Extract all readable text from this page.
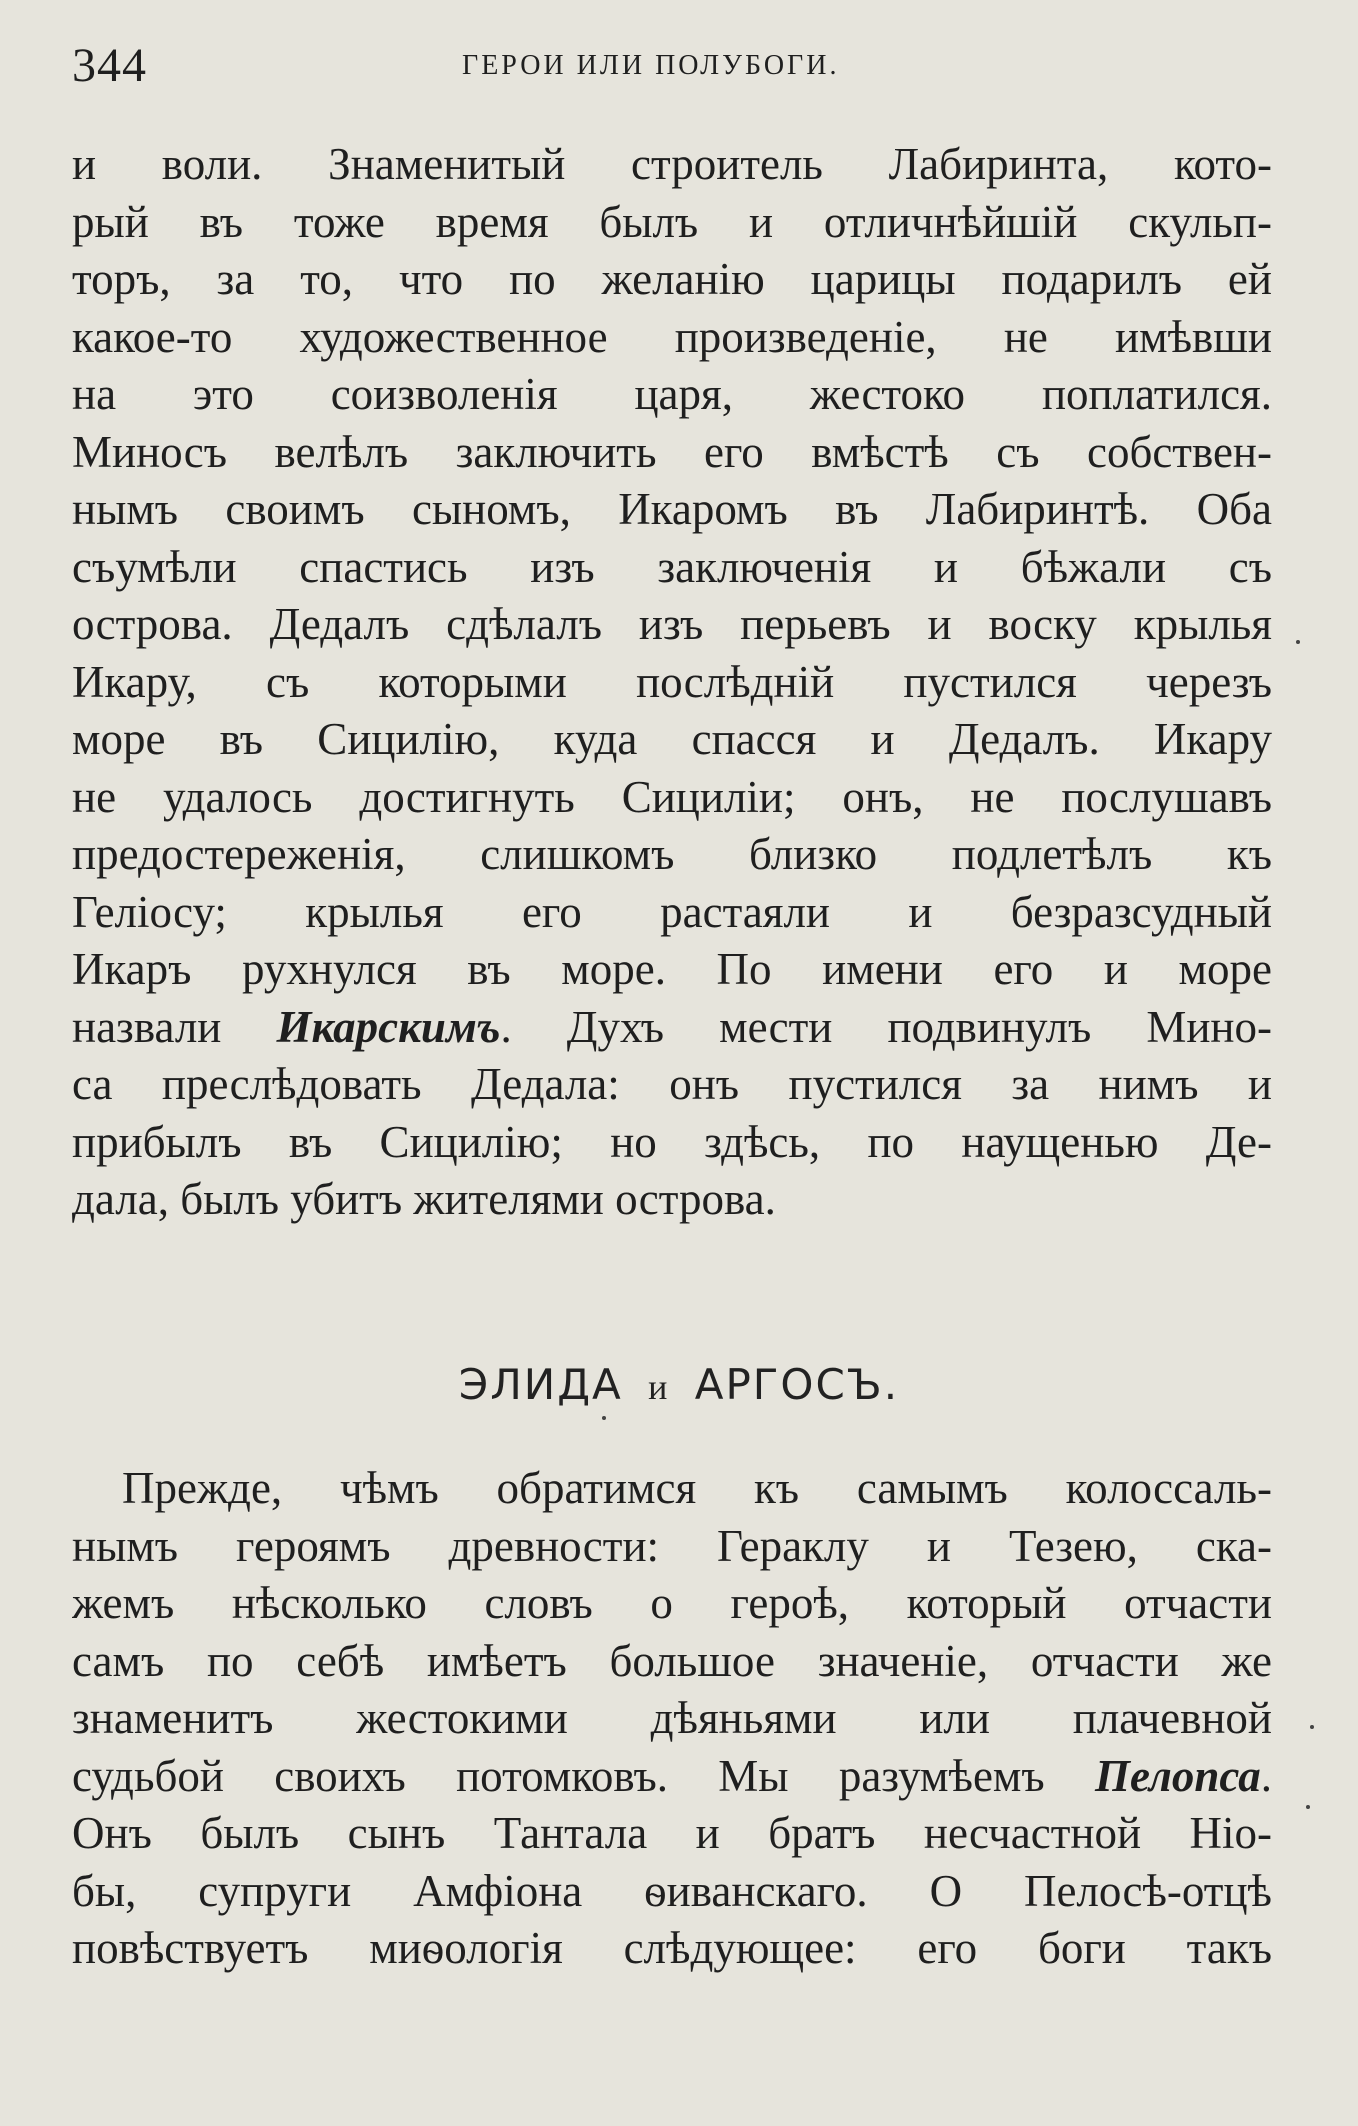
344	ГЕРОИ ИЛИ ПОЛУБОГИ.
и воли. Знаменитый строитель Лабиринта, кото-
рый въ тоже время былъ и отличнѣйшій скульп-
торъ, за то, что по желанію царицы подарилъ ей
какое-то художественное произведеніе, не имѣвши
на это соизволенія царя, жестоко поплатился.
Миносъ велѣлъ заключить его вмѣстѣ съ собствен-
нымъ своимъ сыномъ, Икаромъ въ Лабиринтѣ. Оба
съумѣли спастись изъ заключенія и бѣжали съ
острова. Дедалъ сдѣлалъ изъ перьевъ и воску крылья
Икару, съ которыми послѣдній пустился черезъ
море въ Сицилію, куда спасся и Дедалъ. Икару
не удалось достигнуть Сициліи; онъ, не послушавъ
предостереженія, слишкомъ близко подлетѣлъ къ
Геліосу; крылья его растаяли и безразсудный
Икаръ рухнулся въ море. По имени его и море
назвали Икарскимъ. Духъ мести подвинулъ Мино-
са преслѣдовать Дедала: онъ пустился за нимъ и
прибылъ въ Сицилію; но здѣсь, по наущенью Де-
дала, былъ убитъ жителями острова.
ЭЛИДА и АРГОСЪ.
Прежде, чѣмъ обратимся къ самымъ колоссаль-
нымъ героямъ древности: Гераклу и Тезею, ска-
жемъ нѣсколько словъ о героѣ, который отчасти
самъ по себѣ имѣетъ большое значеніе, отчасти же
знаменитъ жестокими дѣяньями или плачевной
судьбой своихъ потомковъ. Мы разумѣемъ Пелопса.
Онъ былъ сынъ Тантала и братъ несчастной Ніо-
бы, супруги Амфіона ѳиванскаго. О Пелосѣ-отцѣ
повѣствуетъ миѳологія слѣдующее: его боги такъ
